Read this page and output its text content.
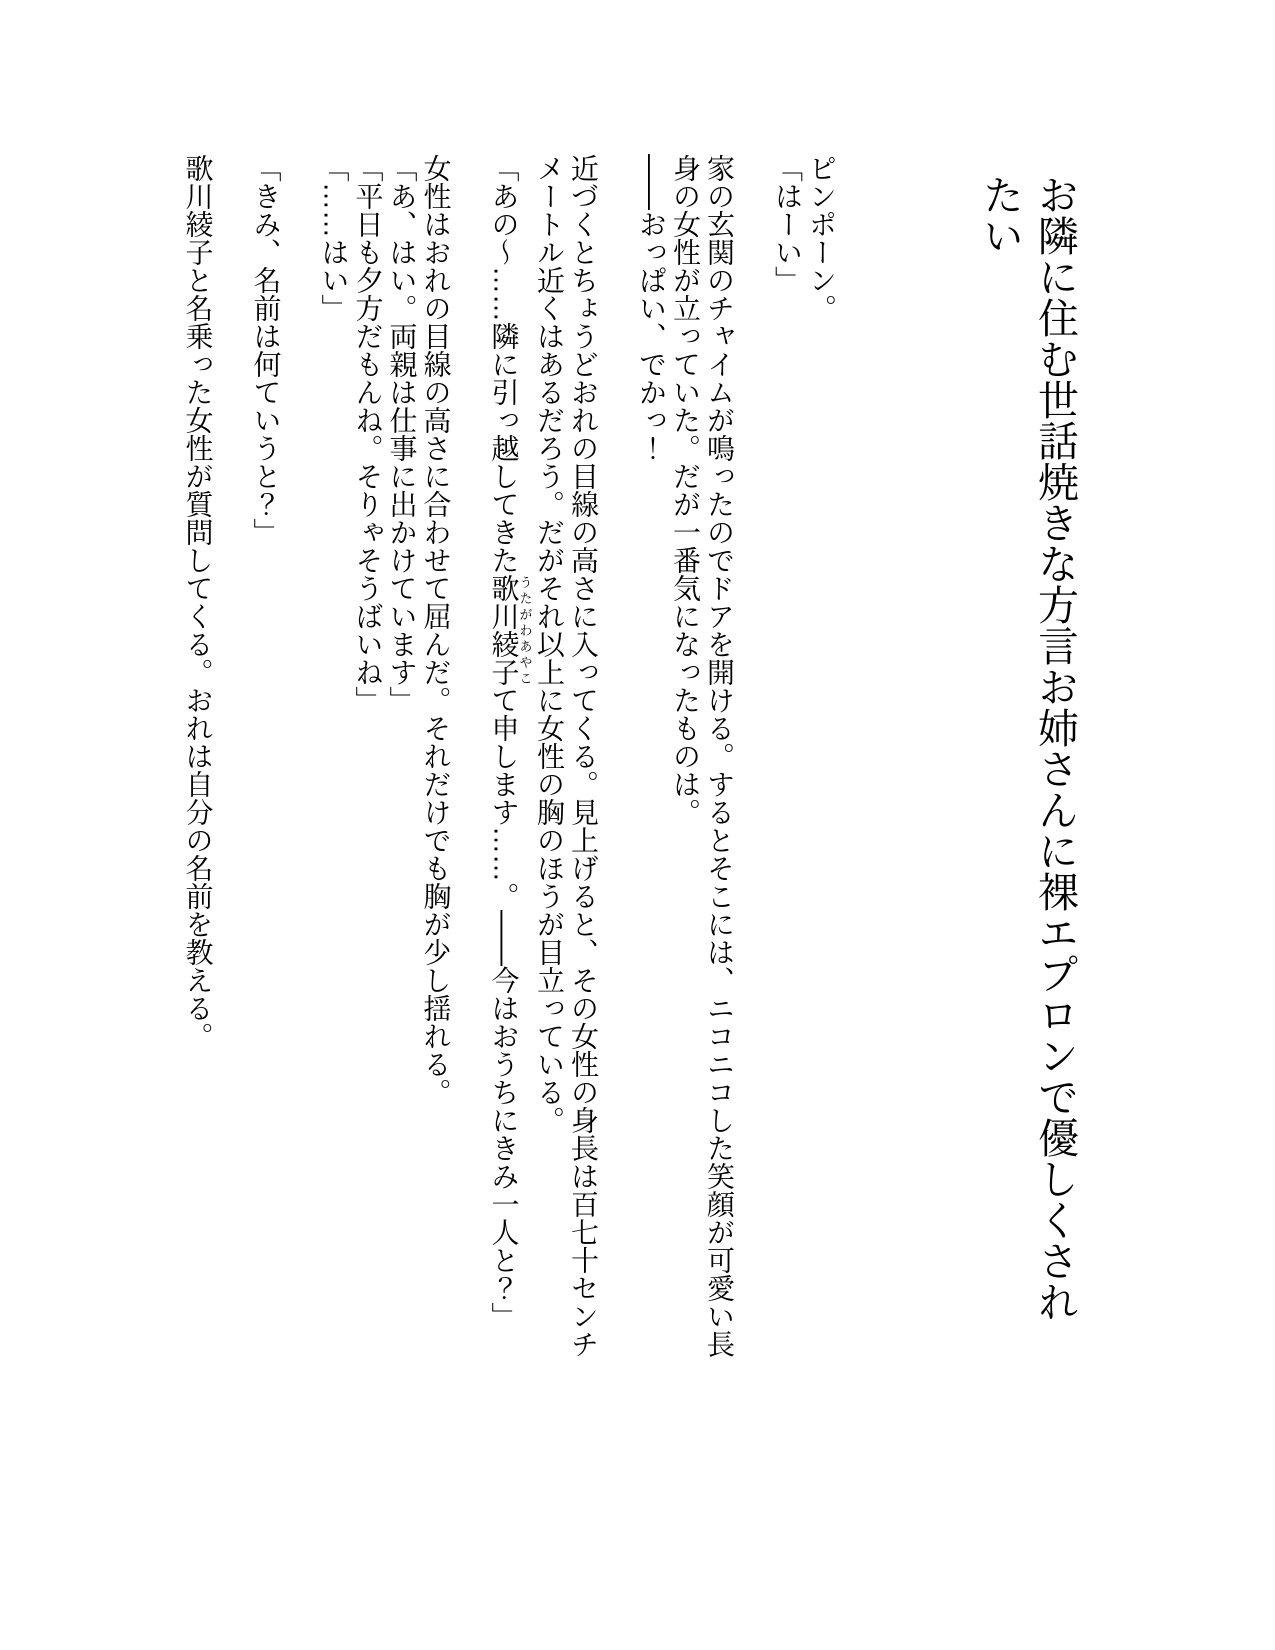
お隣に住む世話焼きな方言お姉さんに裸エプロンで優しくされたい

ピンポーン。

「はーい」

家の玄関のチャイムが鳴ったのでドアを開ける。するとそこには、ニコニコした笑顔が可愛い長身の女性が立っていた。だが一番気になったものは。

――おっぱい、でかっ！

近づくとちょうどおれの目線の高さに入ってくる。見上げると、その女性の身長は百七十センチメートル近くはあるだろう。だがそれ以上に女性の胸のほうが目立っている。

「あの〜……隣に引っ越してきた歌川綾子うたがわあやこて申します……。――今はおうちにきみ一人と？」

女性はおれの目線の高さに合わせて屈んだ。それだけでも胸が少し揺れる。

「あ、はい。両親は仕事に出かけています」

「平日も夕方だもんね。そりゃそうばいね」

「……はい」

「きみ、名前は何ていうと？」

歌川綾子と名乗った女性が質問してくる。おれは自分の名前を教える。
